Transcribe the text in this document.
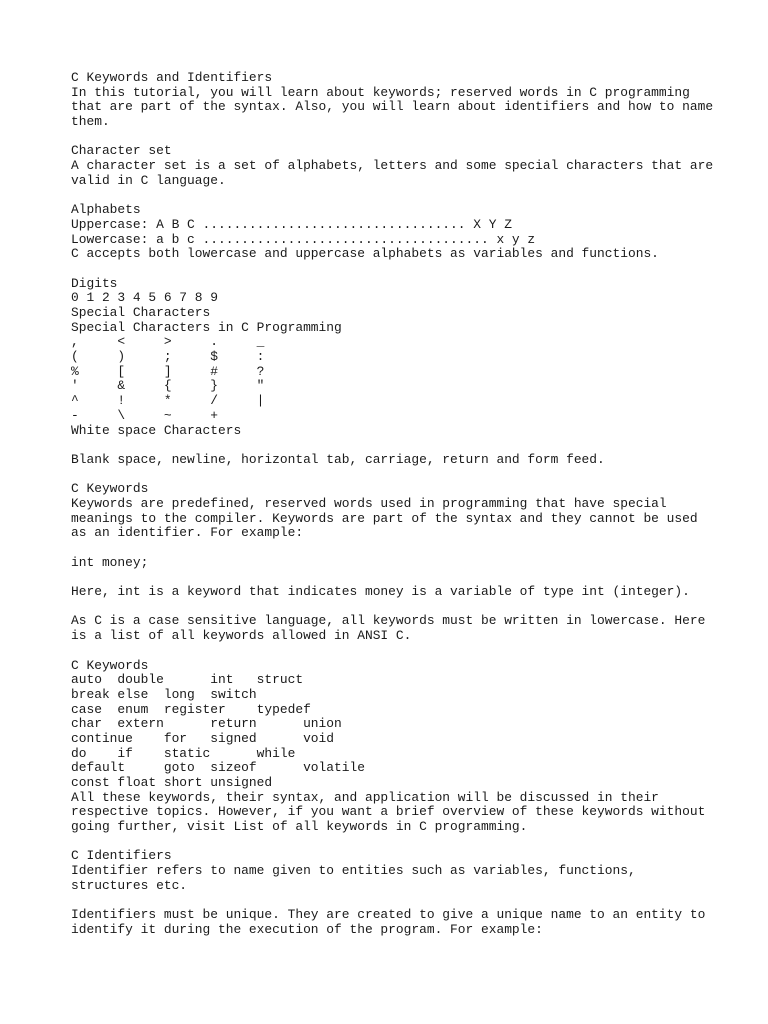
C Keywords and Identifiers
In this tutorial, you will learn about keywords; reserved words in C programming
that are part of the syntax. Also, you will learn about identifiers and how to name
them.
Character set
A character set is a set of alphabets, letters and some special characters that are
valid in C language.
Alphabets
Uppercase: A B C .................................. X Y Z
Lowercase: a b c ..................................... x y z
C accepts both lowercase and uppercase alphabets as variables and functions.
Digits
0 1 2 3 4 5 6 7 8 9
Special Characters
Special Characters in C Programming
,     <     >     .     _
(     )     ;     $     :
%     [     ]     #     ?
'     &     {     }     "
^     !     *     /     |
-     \     ~     +
White space Characters
Blank space, newline, horizontal tab, carriage, return and form feed.
C Keywords
Keywords are predefined, reserved words used in programming that have special
meanings to the compiler. Keywords are part of the syntax and they cannot be used
as an identifier. For example:
int money;
Here, int is a keyword that indicates money is a variable of type int (integer).
As C is a case sensitive language, all keywords must be written in lowercase. Here
is a list of all keywords allowed in ANSI C.
C Keywords
auto  double      int   struct
break else  long  switch
case  enum  register    typedef
char  extern      return      union
continue    for   signed      void
do    if    static      while
default     goto  sizeof      volatile
const float short unsigned
All these keywords, their syntax, and application will be discussed in their
respective topics. However, if you want a brief overview of these keywords without
going further, visit List of all keywords in C programming.
C Identifiers
Identifier refers to name given to entities such as variables, functions,
structures etc.
Identifiers must be unique. They are created to give a unique name to an entity to
identify it during the execution of the program. For example:
